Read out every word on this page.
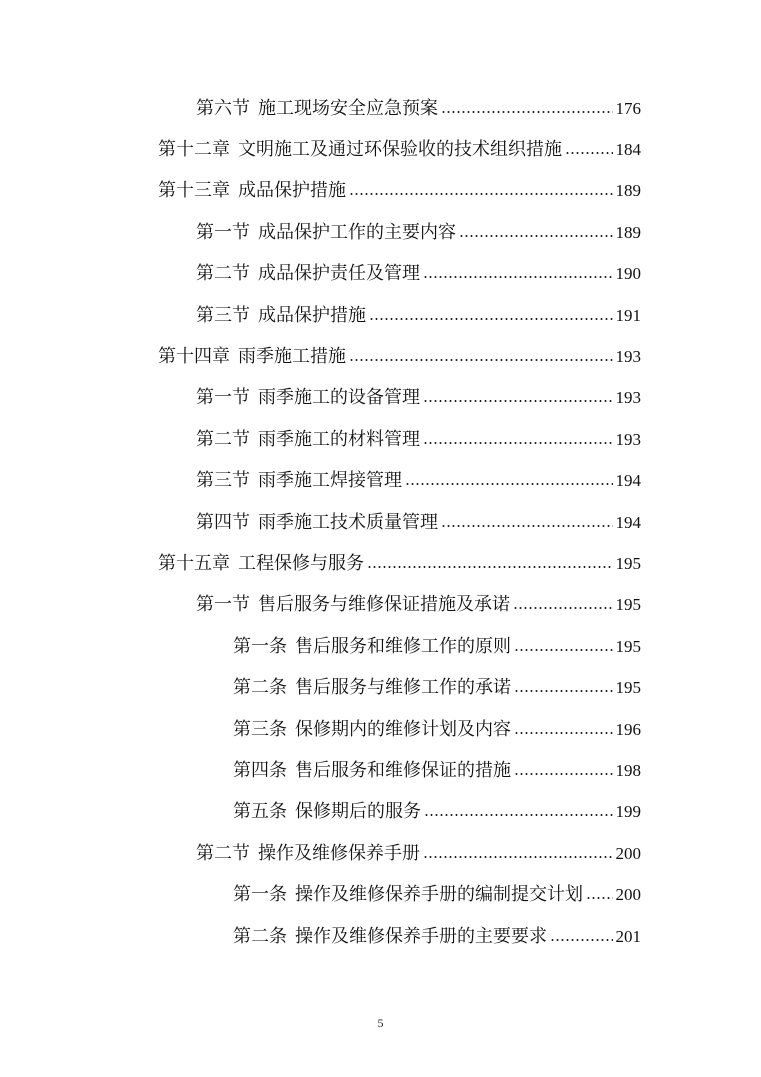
第六节 施工现场安全应急预案	176
第十二章 文明施工及通过环保验收的技术组织措施	184
第十三章 成品保护措施	189
第一节 成品保护工作的主要内容	189
第二节 成品保护责任及管理	190
第三节 成品保护措施	191
第十四章 雨季施工措施	193
第一节 雨季施工的设备管理	193
第二节 雨季施工的材料管理	193
第三节 雨季施工焊接管理	194
第四节 雨季施工技术质量管理	194
第十五章 工程保修与服务	195
第一节 售后服务与维修保证措施及承诺	195
第一条 售后服务和维修工作的原则	195
第二条 售后服务与维修工作的承诺	195
第三条 保修期内的维修计划及内容	196
第四条 售后服务和维修保证的措施	198
第五条 保修期后的服务	199
第二节 操作及维修保养手册	200
第一条 操作及维修保养手册的编制提交计划 200
第二条 操作及维修保养手册的主要要求	201
5
